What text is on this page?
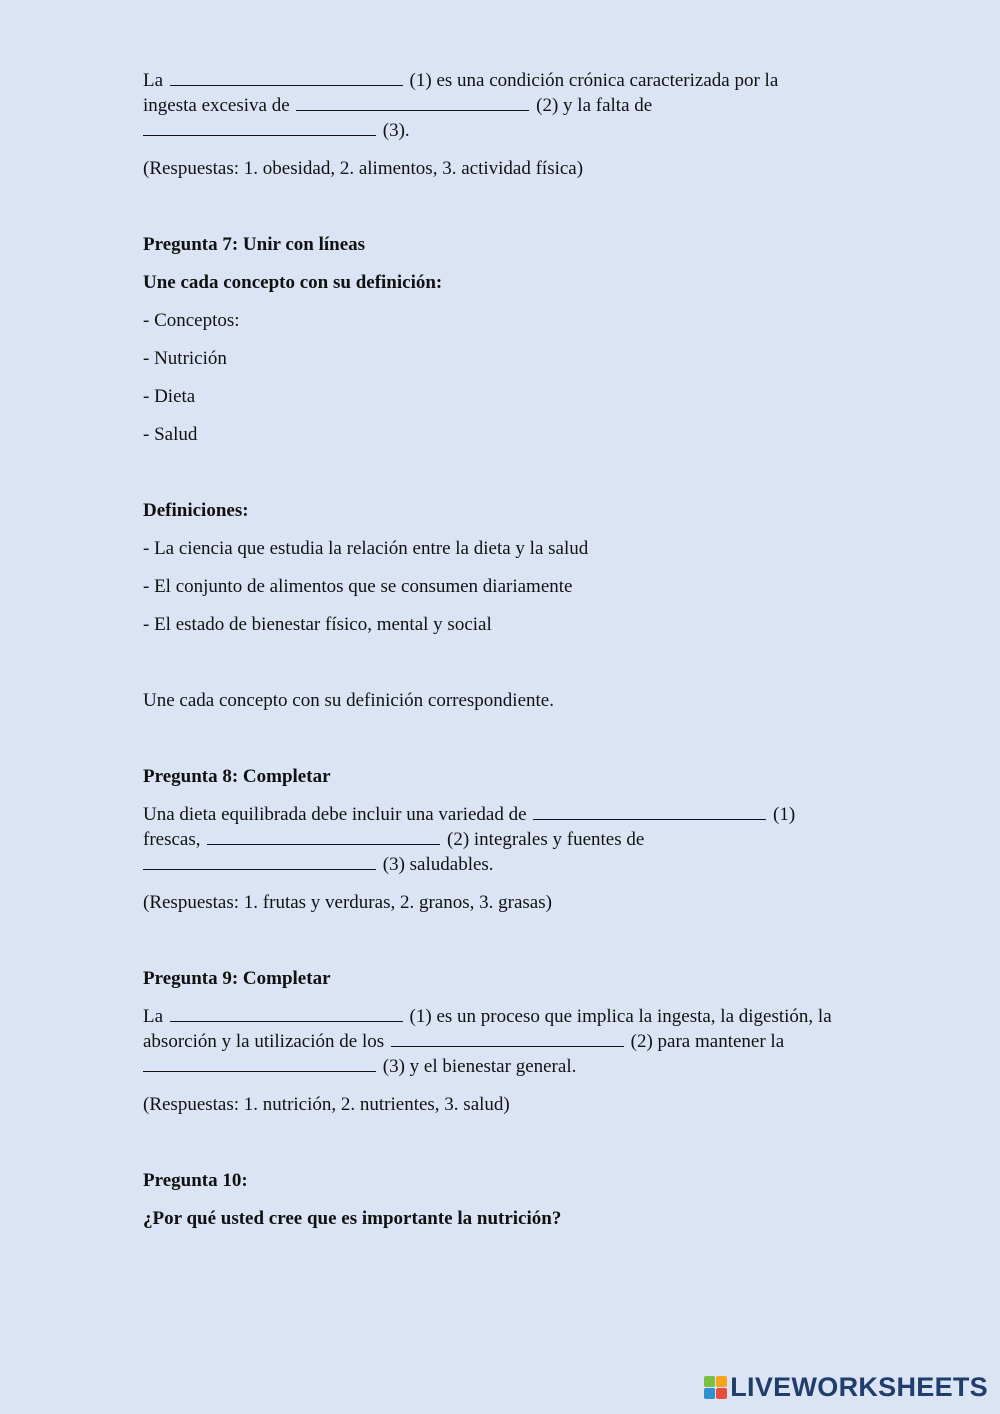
La	(1) es una condición crónica caracterizada por la
ingesta excesiva de	(2) y la falta de
(3).

(Respuestas: 1. obesidad, 2. alimentos, 3. actividad física)

Pregunta 7: Unir con líneas

Une cada concepto con su definición:

- Conceptos:

- Nutrición

- Dieta

- Salud

Definiciones:

- La ciencia que estudia la relación entre la dieta y la salud

- El conjunto de alimentos que se consumen diariamente

- El estado de bienestar físico, mental y social

Une cada concepto con su definición correspondiente.

Pregunta 8: Completar

Una dieta equilibrada debe incluir una variedad de	(1)
frescas,	(2) integrales y fuentes de
(3) saludables.

(Respuestas: 1. frutas y verduras, 2. granos, 3. grasas)

Pregunta 9: Completar

La	(1) es un proceso que implica la ingesta, la digestión, la
absorción y la utilización de los	(2) para mantener la
(3) y el bienestar general.

(Respuestas: 1. nutrición, 2. nutrientes, 3. salud)

Pregunta 10:

¿Por qué usted cree que es importante la nutrición?

LIVEWORKSHEETS
